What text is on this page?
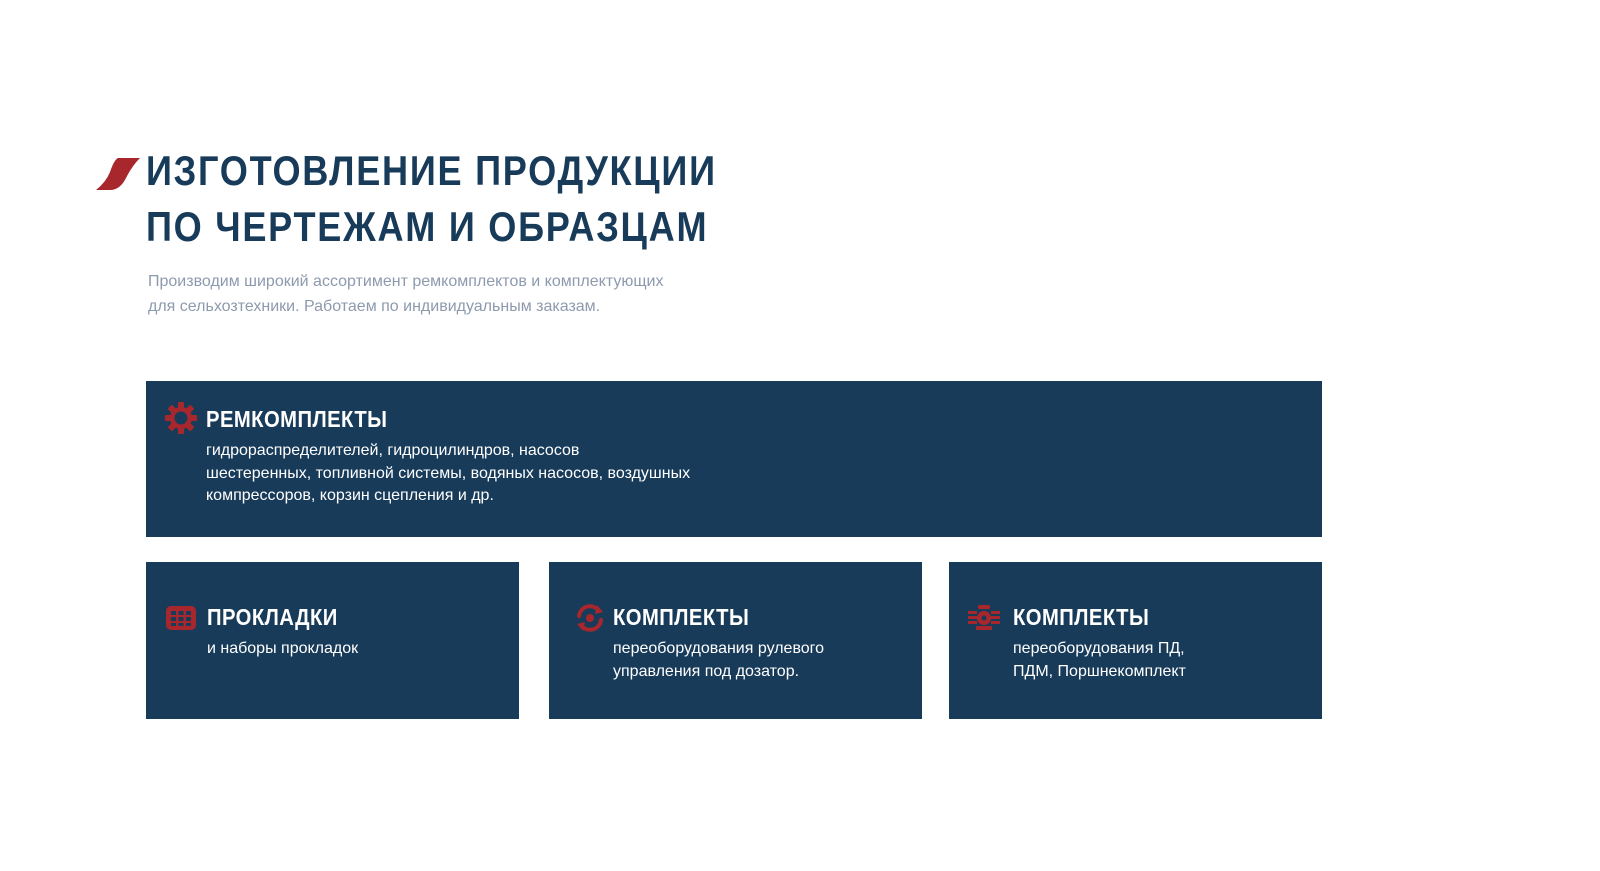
ИЗГОТОВЛЕНИЕ ПРОДУКЦИИ
ПО ЧЕРТЕЖАМ И ОБРАЗЦАМ

Производим широкий ассортимент ремкомплектов и комплектующих
для сельхозтехники. Работаем по индивидуальным заказам.

РЕМКОМПЛЕКТЫ

гидрораспределителей, гидроцилиндров, насосов
шестеренных, топливной системы, водяных насосов, воздушных
компрессоров, корзин сцепления и др.

ПРОКЛАДКИ

и наборы прокладок

КОМПЛЕКТЫ

переоборудования рулевого
управления под дозатор.

КОМПЛЕКТЫ

переоборудования ПД,
ПДМ, Поршнекомплект
